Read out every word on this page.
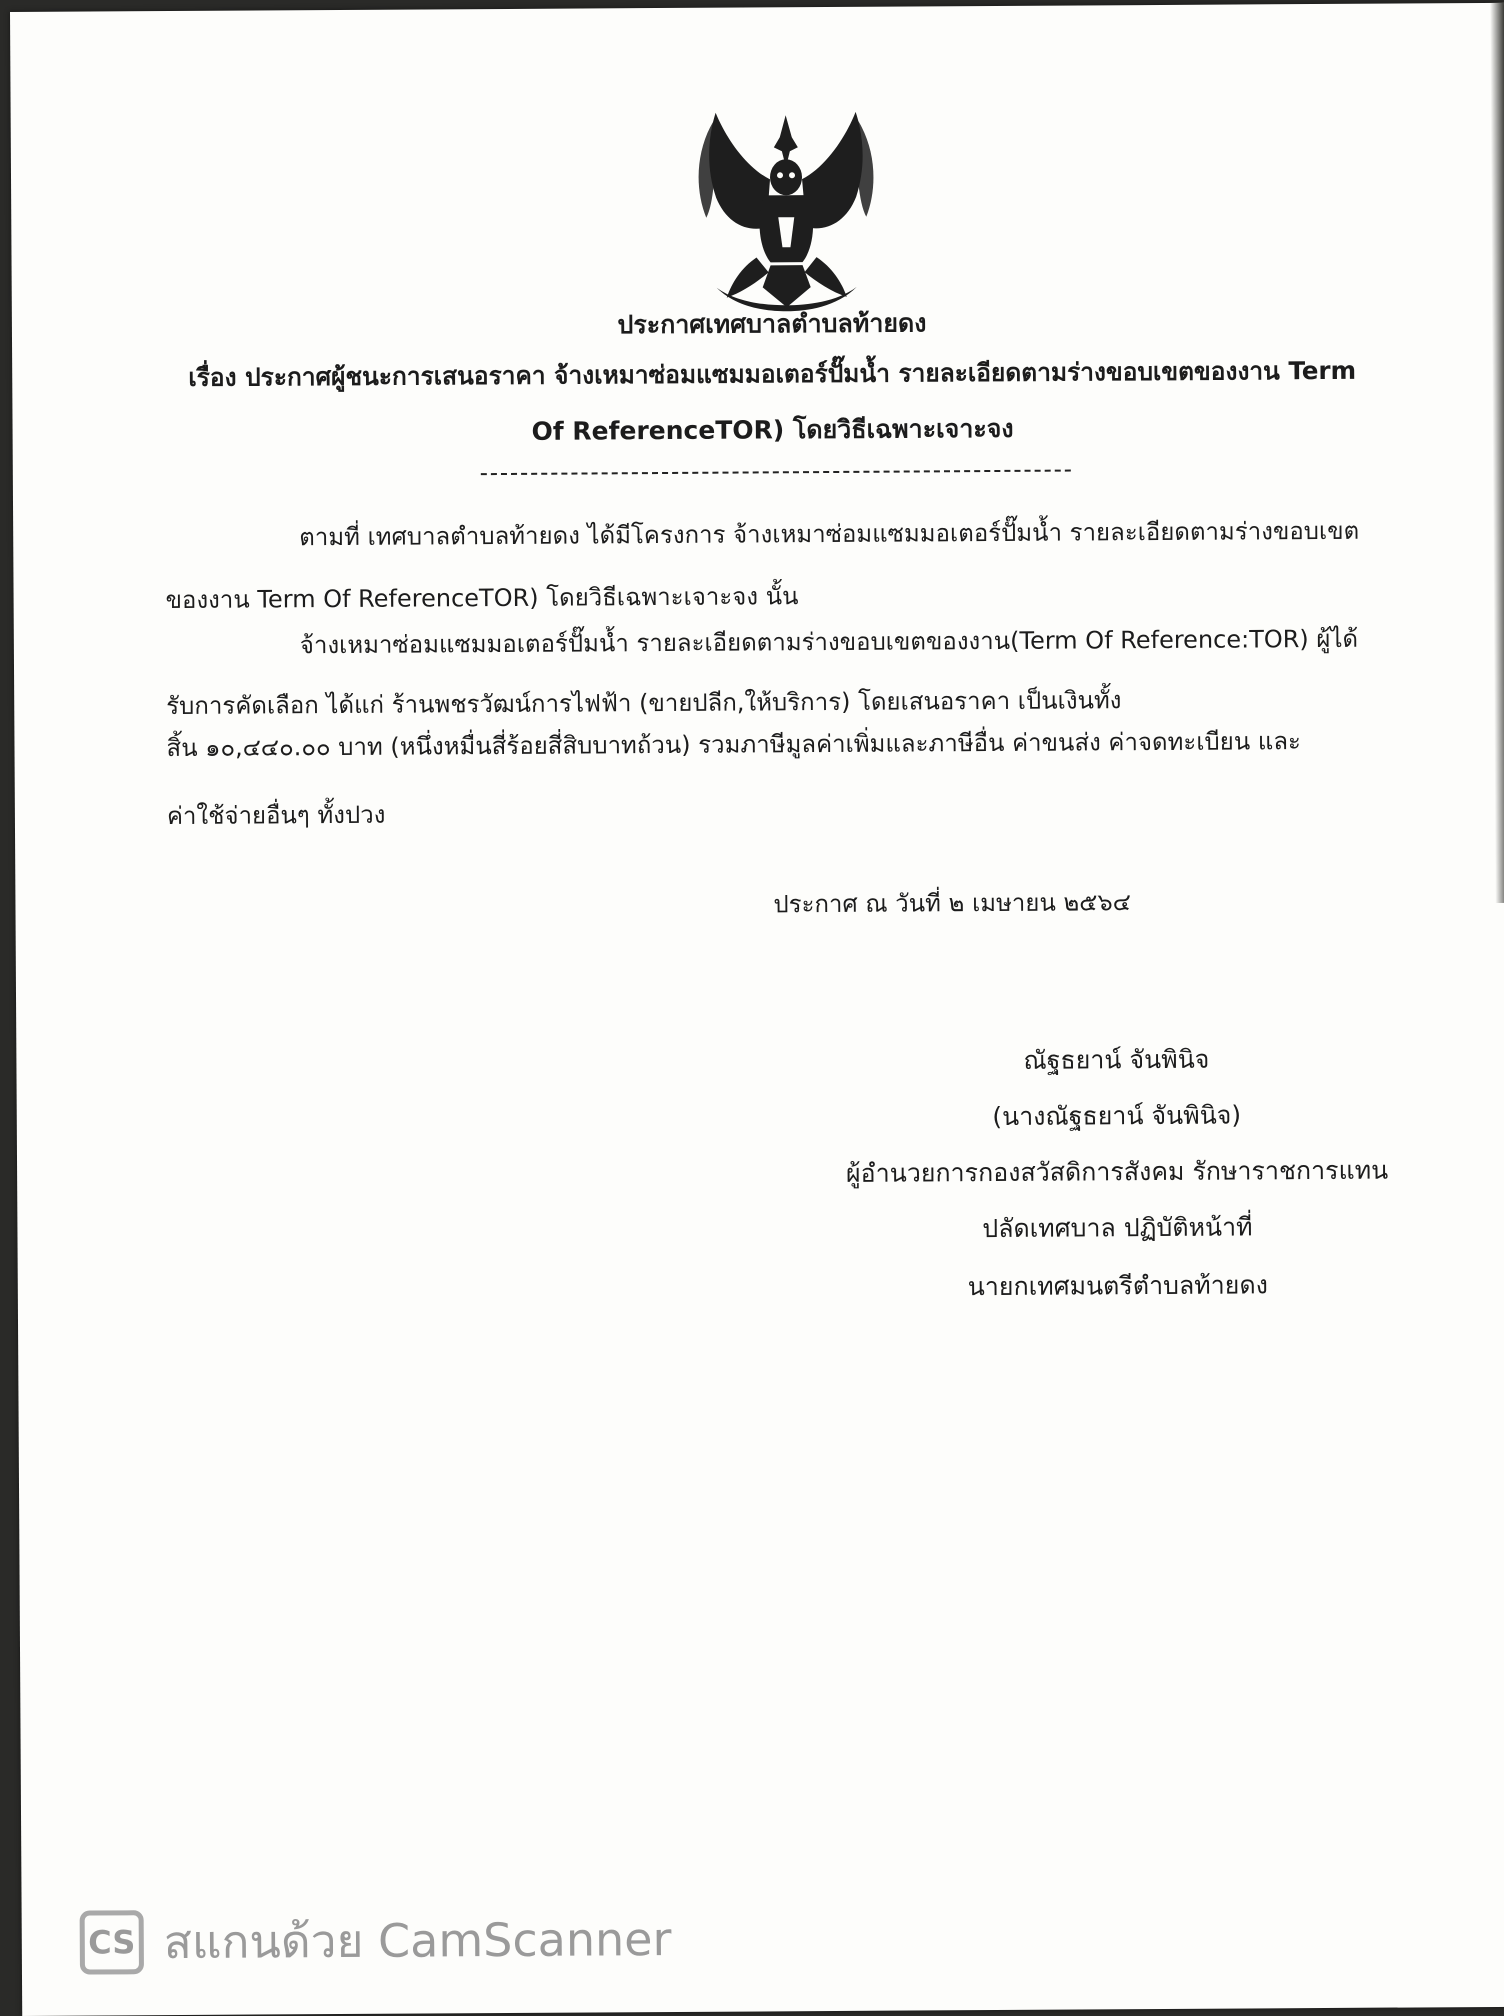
ประกาศเทศบาลตำบลท้ายดง
เรื่อง ประกาศผู้ชนะการเสนอราคา จ้างเหมาซ่อมแซมมอเตอร์ปั๊มน้ำ รายละเอียดตามร่างขอบเขตของงาน Term
Of ReferenceTOR) โดยวิธีเฉพาะเจาะจง
ตามที่ เทศบาลตำบลท้ายดง ได้มีโครงการ จ้างเหมาซ่อมแซมมอเตอร์ปั๊มน้ำ รายละเอียดตามร่างขอบเขต
ของงาน Term Of ReferenceTOR) โดยวิธีเฉพาะเจาะจง นั้น
จ้างเหมาซ่อมแซมมอเตอร์ปั๊มน้ำ รายละเอียดตามร่างขอบเขตของงาน(Term Of Reference:TOR) ผู้ได้
รับการคัดเลือก ได้แก่ ร้านพชรวัฒน์การไฟฟ้า (ขายปลีก,ให้บริการ) โดยเสนอราคา เป็นเงินทั้ง
สิ้น ๑๐,๔๔๐.๐๐ บาท (หนึ่งหมื่นสี่ร้อยสี่สิบบาทถ้วน) รวมภาษีมูลค่าเพิ่มและภาษีอื่น ค่าขนส่ง ค่าจดทะเบียน และ
ค่าใช้จ่ายอื่นๆ ทั้งปวง
ประกาศ ณ วันที่ ๒ เมษายน ๒๕๖๔
ณัฐธยาน์ จันพินิจ
(นางณัฐธยาน์ จันพินิจ)
ผู้อำนวยการกองสวัสดิการสังคม รักษาราชการแทน
ปลัดเทศบาล ปฏิบัติหน้าที่
นายกเทศมนตรีตำบลท้ายดง
CS สแกนด้วย CamScanner
